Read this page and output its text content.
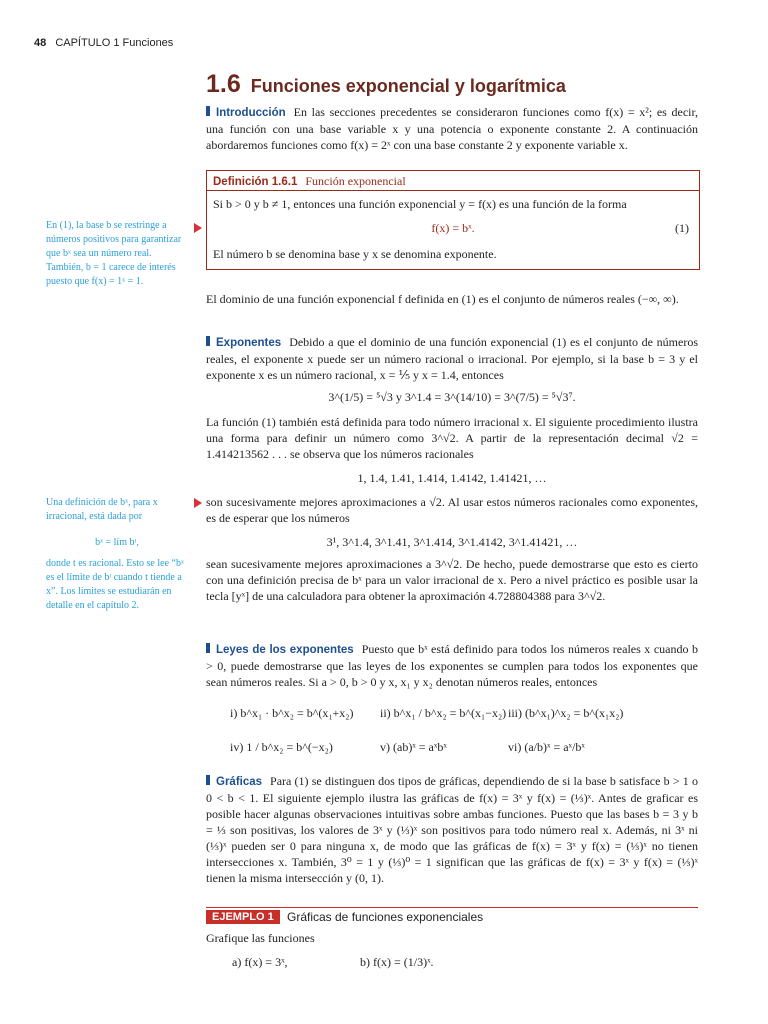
48 CAPÍTULO 1 Funciones
1.6 Funciones exponencial y logarítmica
Introducción En las secciones precedentes se consideraron funciones como f(x) = x²; es decir, una función con una base variable x y una potencia o exponente constante 2. A continuación abordaremos funciones como f(x) = 2ˣ con una base constante 2 y exponente variable x.
Definición 1.6.1 Función exponencial
Si b > 0 y b ≠ 1, entonces una función exponencial y = f(x) es una función de la forma
f(x) = bˣ.	(1)
El número b se denomina base y x se denomina exponente.
En (1), la base b se restringe a números positivos para garantizar que bˣ sea un número real. También, b = 1 carece de interés puesto que f(x) = 1ˣ = 1.
El dominio de una función exponencial f definida en (1) es el conjunto de números reales (−∞, ∞).
Exponentes Debido a que el dominio de una función exponencial (1) es el conjunto de números reales, el exponente x puede ser un número racional o irracional. Por ejemplo, si la base b = 3 y el exponente x es un número racional, x = ⅕ y x = 1.4, entonces
3^(1/5) = ⁵√3 y 3^1.4 = 3^(14/10) = 3^(7/5) = ⁵√3⁷.
La función (1) también está definida para todo número irracional x. El siguiente procedimiento ilustra una forma para definir un número como 3^√2. A partir de la representación decimal √2 = 1.414213562 . . . se observa que los números racionales
1, 1.4, 1.41, 1.414, 1.4142, 1.41421, …
son sucesivamente mejores aproximaciones a √2. Al usar estos números racionales como exponentes, es de esperar que los números
3¹, 3^1.4, 3^1.41, 3^1.414, 3^1.4142, 3^1.41421, …
sean sucesivamente mejores aproximaciones a 3^√2. De hecho, puede demostrarse que esto es cierto con una definición precisa de bˣ para un valor irracional de x. Pero a nivel práctico es posible usar la tecla [yˣ] de una calculadora para obtener la aproximación 4.728804388 para 3^√2.
Una definición de bˣ, para x irracional, está dada por
bˣ = lím bᵗ,
donde t es racional. Esto se lee “bˣ es el límite de bᵗ cuando t tiende a x”. Los límites se estudiarán en detalle en el capítulo 2.
Leyes de los exponentes Puesto que bˣ está definido para todos los números reales x cuando b > 0, puede demostrarse que las leyes de los exponentes se cumplen para todos los exponentes que sean números reales. Si a > 0, b > 0 y x, x₁ y x₂ denotan números reales, entonces
i) b^x₁ · b^x₂ = b^(x₁+x₂) ii) b^x₁ / b^x₂ = b^(x₁−x₂) iii) (b^x₁)^x₂ = b^(x₁x₂)
iv) 1 / b^x₂ = b^(−x₂)	v) (ab)ˣ = aˣbˣ	vi) (a/b)ˣ = aˣ/bˣ
Gráficas Para (1) se distinguen dos tipos de gráficas, dependiendo de si la base b satisface b > 1 o 0 < b < 1. El siguiente ejemplo ilustra las gráficas de f(x) = 3ˣ y f(x) = (⅓)ˣ. Antes de graficar es posible hacer algunas observaciones intuitivas sobre ambas funciones. Puesto que las bases b = 3 y b = ⅓ son positivas, los valores de 3ˣ y (⅓)ˣ son positivos para todo número real x. Además, ni 3ˣ ni (⅓)ˣ pueden ser 0 para ninguna x, de modo que las gráficas de f(x) = 3ˣ y f(x) = (⅓)ˣ no tienen intersecciones x. También, 3⁰ = 1 y (⅓)⁰ = 1 significan que las gráficas de f(x) = 3ˣ y f(x) = (⅓)ˣ tienen la misma intersección y (0, 1).
EJEMPLO 1	Gráficas de funciones exponenciales
Grafique las funciones
a) f(x) = 3ˣ,	b) f(x) = (1/3)ˣ.
